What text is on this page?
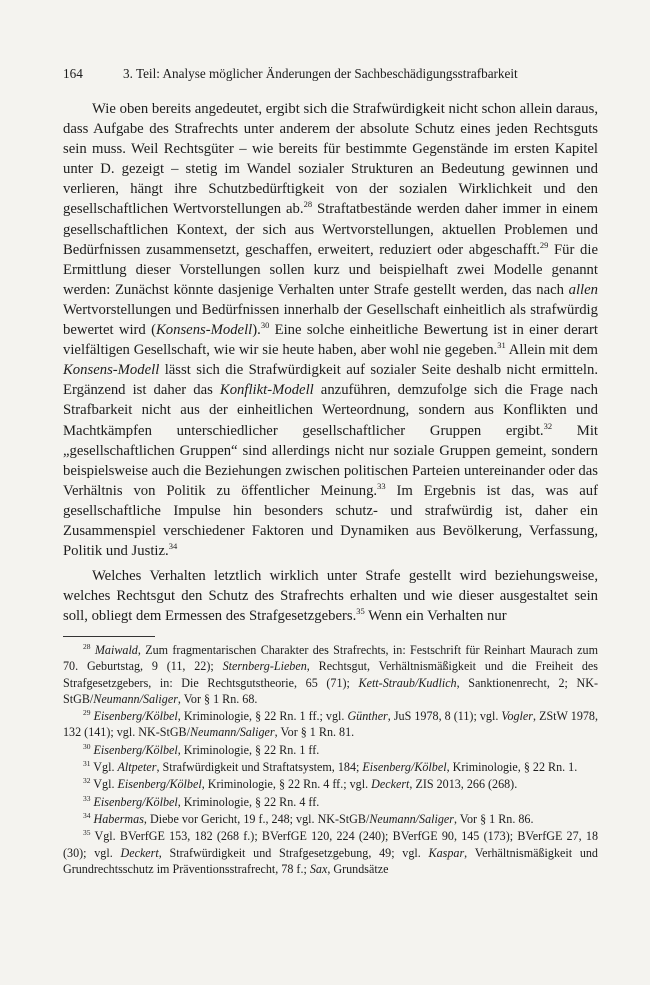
164	3. Teil: Analyse möglicher Änderungen der Sachbeschädigungsstrafbarkeit

Wie oben bereits angedeutet, ergibt sich die Strafwürdigkeit nicht schon allein daraus, dass Aufgabe des Strafrechts unter anderem der absolute Schutz eines jeden Rechtsguts sein muss. Weil Rechtsgüter – wie bereits für bestimmte Gegenstände im ersten Kapitel unter D. gezeigt – stetig im Wandel sozialer Strukturen an Bedeutung gewinnen und verlieren, hängt ihre Schutzbedürftigkeit von der sozialen Wirklichkeit und den gesellschaftlichen Wertvorstellungen ab.$^{28}$ Straftatbestände werden daher immer in einem gesellschaftlichen Kontext, der sich aus Wertvorstellungen, aktuellen Problemen und Bedürfnissen zusammensetzt, geschaffen, erweitert, reduziert oder abgeschafft.$^{29}$ Für die Ermittlung dieser Vorstellungen sollen kurz und beispielhaft zwei Modelle genannt werden: Zunächst könnte dasjenige Verhalten unter Strafe gestellt werden, das nach allen Wertvorstellungen und Bedürfnissen innerhalb der Gesellschaft einheitlich als strafwürdig bewertet wird (Konsens-Modell).$^{30}$ Eine solche einheitliche Bewertung ist in einer derart vielfältigen Gesellschaft, wie wir sie heute haben, aber wohl nie gegeben.$^{31}$ Allein mit dem Konsens-Modell lässt sich die Strafwürdigkeit auf sozialer Seite deshalb nicht ermitteln. Ergänzend ist daher das Konflikt-Modell anzuführen, demzufolge sich die Frage nach Strafbarkeit nicht aus der einheitlichen Werteordnung, sondern aus Konflikten und Machtkämpfen unterschiedlicher gesellschaftlicher Gruppen ergibt.$^{32}$ Mit „gesellschaftlichen Gruppen“ sind allerdings nicht nur soziale Gruppen gemeint, sondern beispielsweise auch die Beziehungen zwischen politischen Parteien untereinander oder das Verhältnis von Politik zu öffentlicher Meinung.$^{33}$ Im Ergebnis ist das, was auf gesellschaftliche Impulse hin besonders schutz- und strafwürdig ist, daher ein Zusammenspiel verschiedener Faktoren und Dynamiken aus Bevölkerung, Verfassung, Politik und Justiz.$^{34}$

Welches Verhalten letztlich wirklich unter Strafe gestellt wird beziehungsweise, welches Rechtsgut den Schutz des Strafrechts erhalten und wie dieser ausgestaltet sein soll, obliegt dem Ermessen des Strafgesetzgebers.$^{35}$ Wenn ein Verhalten nur

$^{28}$ Maiwald, Zum fragmentarischen Charakter des Strafrechts, in: Festschrift für Reinhart Maurach zum 70. Geburtstag, 9 (11, 22); Sternberg-Lieben, Rechtsgut, Verhältnismäßigkeit und die Freiheit des Strafgesetzgebers, in: Die Rechtsgutstheorie, 65 (71); Kett-Straub/Kudlich, Sanktionenrecht, 2; NK-StGB/Neumann/Saliger, Vor § 1 Rn. 68.

$^{29}$ Eisenberg/Kölbel, Kriminologie, § 22 Rn. 1 ff.; vgl. Günther, JuS 1978, 8 (11); vgl. Vogler, ZStW 1978, 132 (141); vgl. NK-StGB/Neumann/Saliger, Vor § 1 Rn. 81.

$^{30}$ Eisenberg/Kölbel, Kriminologie, § 22 Rn. 1 ff.

$^{31}$ Vgl. Altpeter, Strafwürdigkeit und Straftatsystem, 184; Eisenberg/Kölbel, Kriminologie, § 22 Rn. 1.

$^{32}$ Vgl. Eisenberg/Kölbel, Kriminologie, § 22 Rn. 4 ff.; vgl. Deckert, ZIS 2013, 266 (268).

$^{33}$ Eisenberg/Kölbel, Kriminologie, § 22 Rn. 4 ff.

$^{34}$ Habermas, Diebe vor Gericht, 19 f., 248; vgl. NK-StGB/Neumann/Saliger, Vor § 1 Rn. 86.

$^{35}$ Vgl. BVerfGE 153, 182 (268 f.); BVerfGE 120, 224 (240); BVerfGE 90, 145 (173); BVerfGE 27, 18 (30); vgl. Deckert, Strafwürdigkeit und Strafgesetzgebung, 49; vgl. Kaspar, Verhältnismäßigkeit und Grundrechtsschutz im Präventionsstrafrecht, 78 f.; Sax, Grundsätze
